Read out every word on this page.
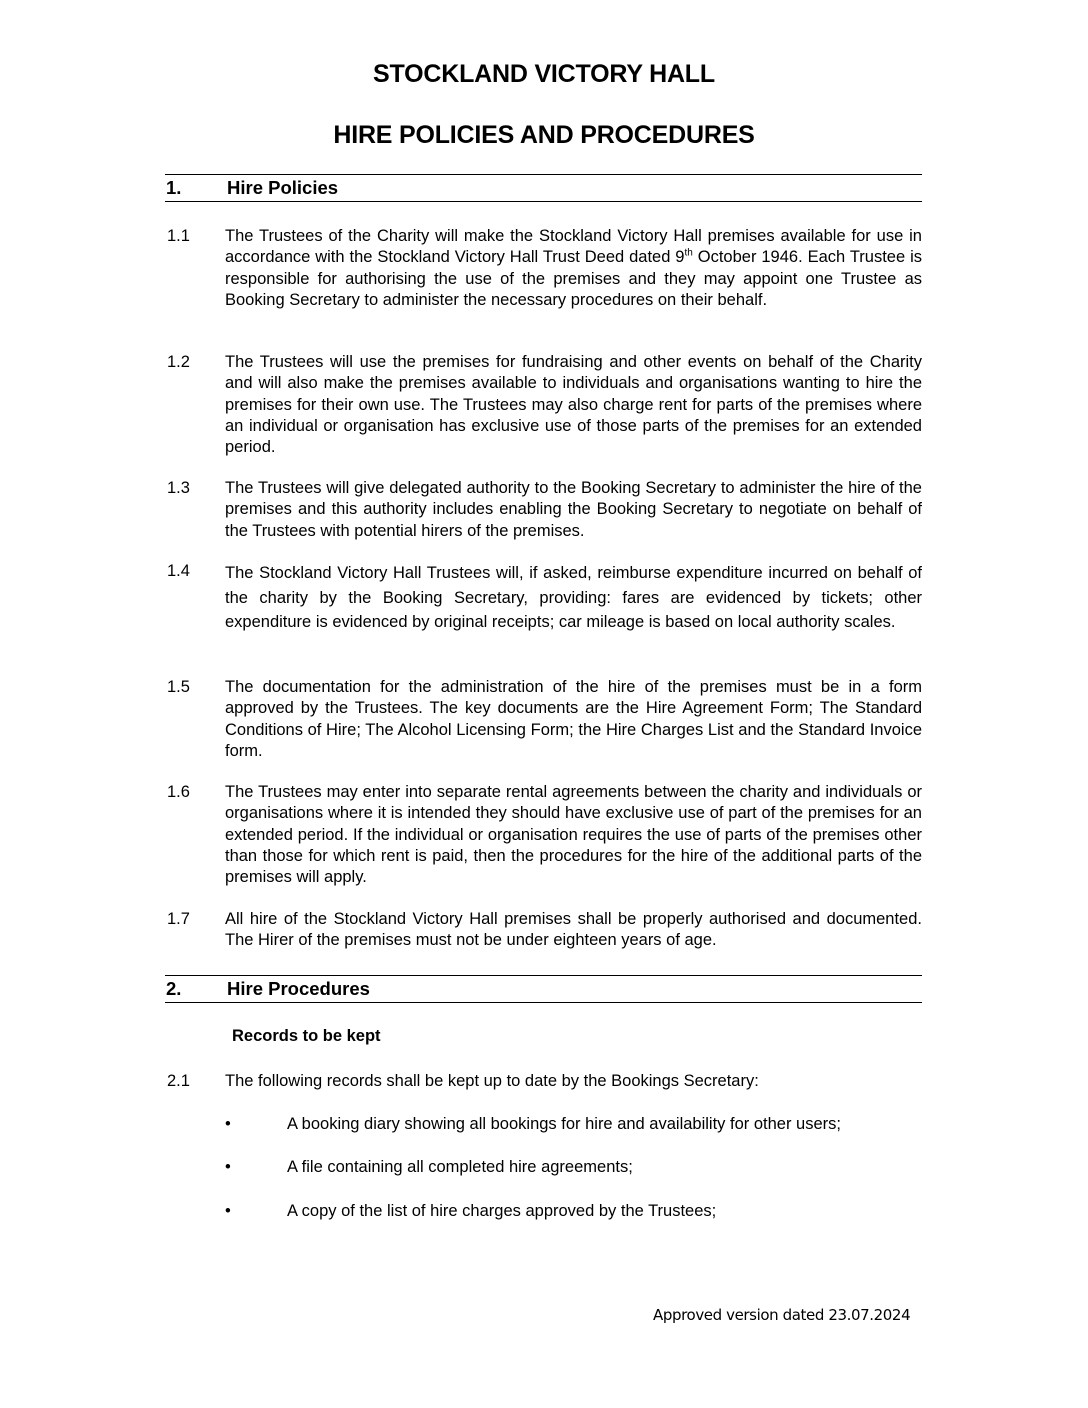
STOCKLAND VICTORY HALL
HIRE POLICIES AND PROCEDURES
1. Hire Policies
1.1 The Trustees of the Charity will make the Stockland Victory Hall premises available for use in accordance with the Stockland Victory Hall Trust Deed dated 9th October 1946. Each Trustee is responsible for authorising the use of the premises and they may appoint one Trustee as Booking Secretary to administer the necessary procedures on their behalf.
1.2 The Trustees will use the premises for fundraising and other events on behalf of the Charity and will also make the premises available to individuals and organisations wanting to hire the premises for their own use. The Trustees may also charge rent for parts of the premises where an individual or organisation has exclusive use of those parts of the premises for an extended period.
1.3 The Trustees will give delegated authority to the Booking Secretary to administer the hire of the premises and this authority includes enabling the Booking Secretary to negotiate on behalf of the Trustees with potential hirers of the premises.
1.4 The Stockland Victory Hall Trustees will, if asked, reimburse expenditure incurred on behalf of the charity by the Booking Secretary, providing: fares are evidenced by tickets; other expenditure is evidenced by original receipts; car mileage is based on local authority scales.
1.5 The documentation for the administration of the hire of the premises must be in a form approved by the Trustees. The key documents are the Hire Agreement Form; The Standard Conditions of Hire; The Alcohol Licensing Form; the Hire Charges List and the Standard Invoice form.
1.6 The Trustees may enter into separate rental agreements between the charity and individuals or organisations where it is intended they should have exclusive use of part of the premises for an extended period. If the individual or organisation requires the use of parts of the premises other than those for which rent is paid, then the procedures for the hire of the additional parts of the premises will apply.
1.7 All hire of the Stockland Victory Hall premises shall be properly authorised and documented. The Hirer of the premises must not be under eighteen years of age.
2. Hire Procedures
Records to be kept
2.1 The following records shall be kept up to date by the Bookings Secretary:
•	A booking diary showing all bookings for hire and availability for other users;
•	A file containing all completed hire agreements;
•	A copy of the list of hire charges approved by the Trustees;
Approved version dated 23.07.2024
